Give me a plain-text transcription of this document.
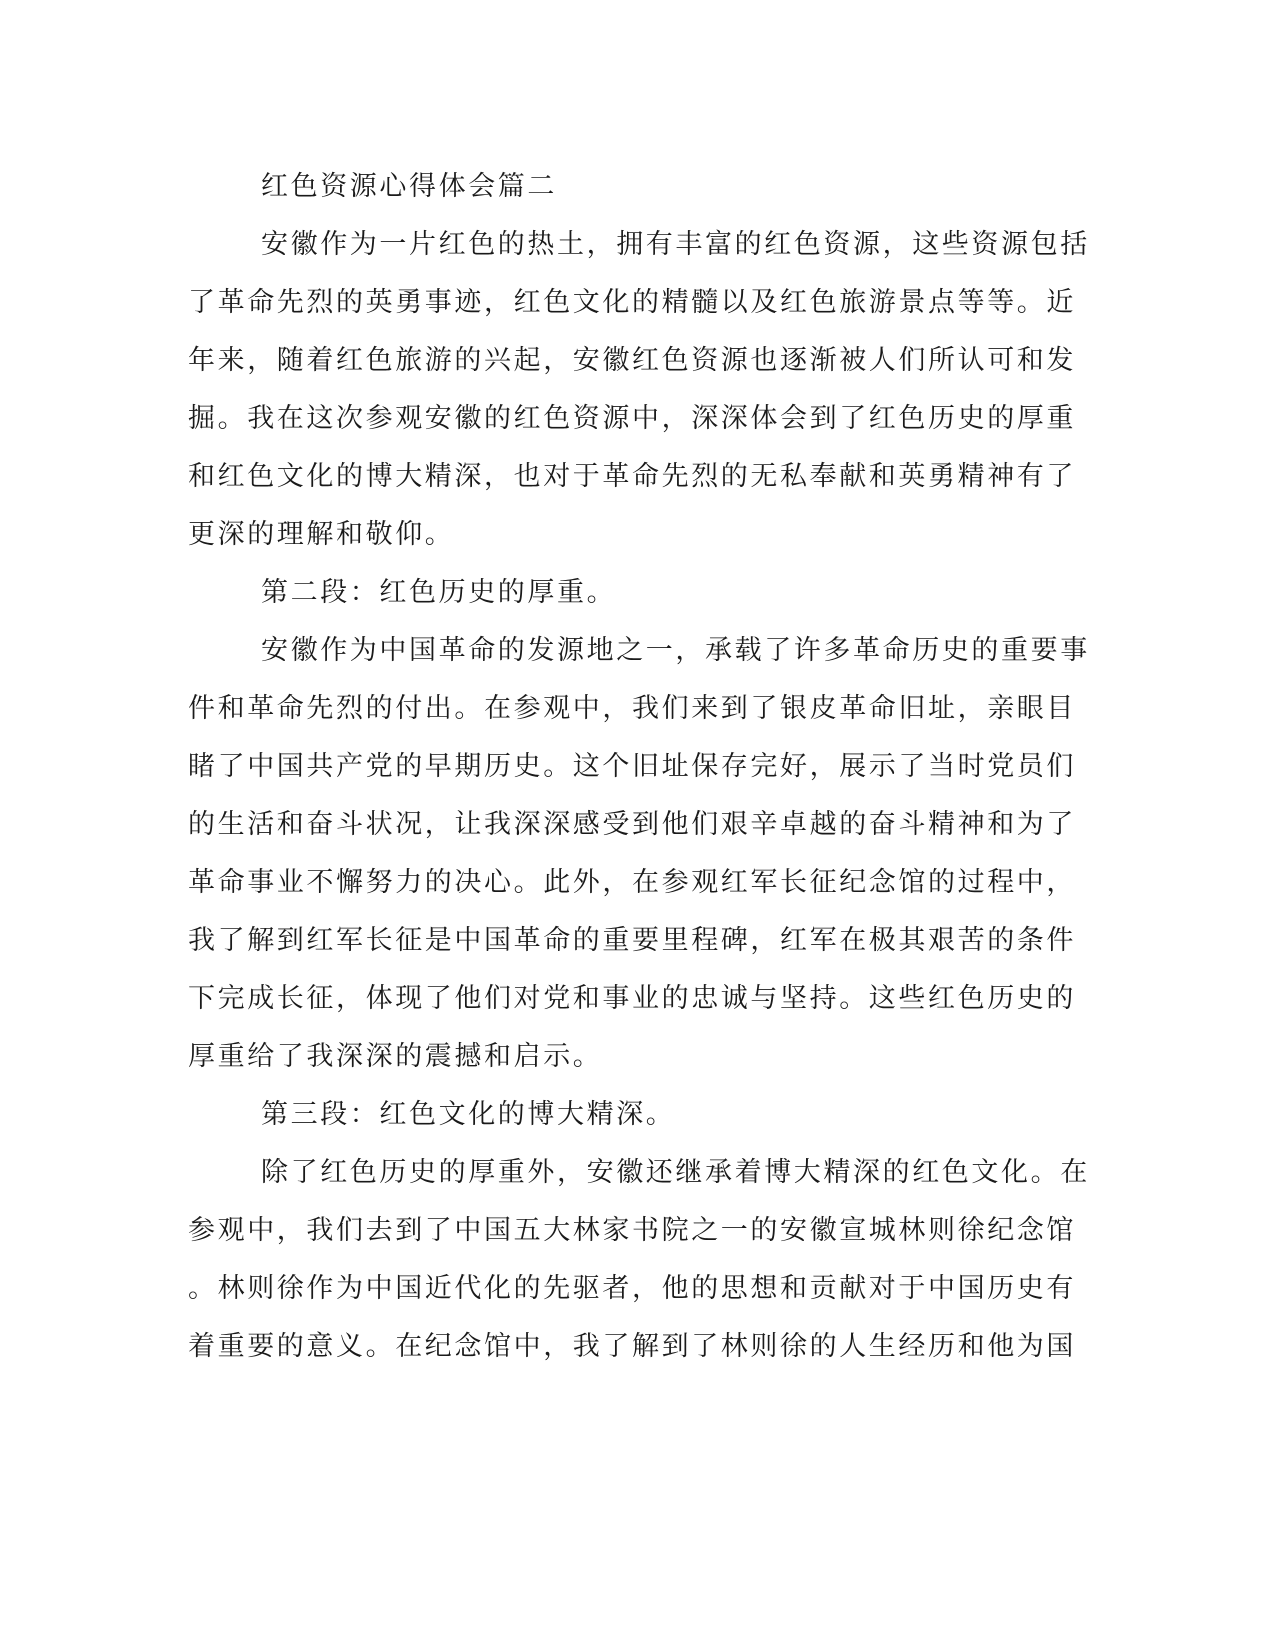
红色资源心得体会篇二
安徽作为一片红色的热土，拥有丰富的红色资源，这些资源包括
了革命先烈的英勇事迹，红色文化的精髓以及红色旅游景点等等。近
年来，随着红色旅游的兴起，安徽红色资源也逐渐被人们所认可和发
掘。我在这次参观安徽的红色资源中，深深体会到了红色历史的厚重
和红色文化的博大精深，也对于革命先烈的无私奉献和英勇精神有了
更深的理解和敬仰。
第二段：红色历史的厚重。
安徽作为中国革命的发源地之一，承载了许多革命历史的重要事
件和革命先烈的付出。在参观中，我们来到了银皮革命旧址，亲眼目
睹了中国共产党的早期历史。这个旧址保存完好，展示了当时党员们
的生活和奋斗状况，让我深深感受到他们艰辛卓越的奋斗精神和为了
革命事业不懈努力的决心。此外，在参观红军长征纪念馆的过程中，
我了解到红军长征是中国革命的重要里程碑，红军在极其艰苦的条件
下完成长征，体现了他们对党和事业的忠诚与坚持。这些红色历史的
厚重给了我深深的震撼和启示。
第三段：红色文化的博大精深。
除了红色历史的厚重外，安徽还继承着博大精深的红色文化。在
参观中，我们去到了中国五大林家书院之一的安徽宣城林则徐纪念馆
。林则徐作为中国近代化的先驱者，他的思想和贡献对于中国历史有
着重要的意义。在纪念馆中，我了解到了林则徐的人生经历和他为国
